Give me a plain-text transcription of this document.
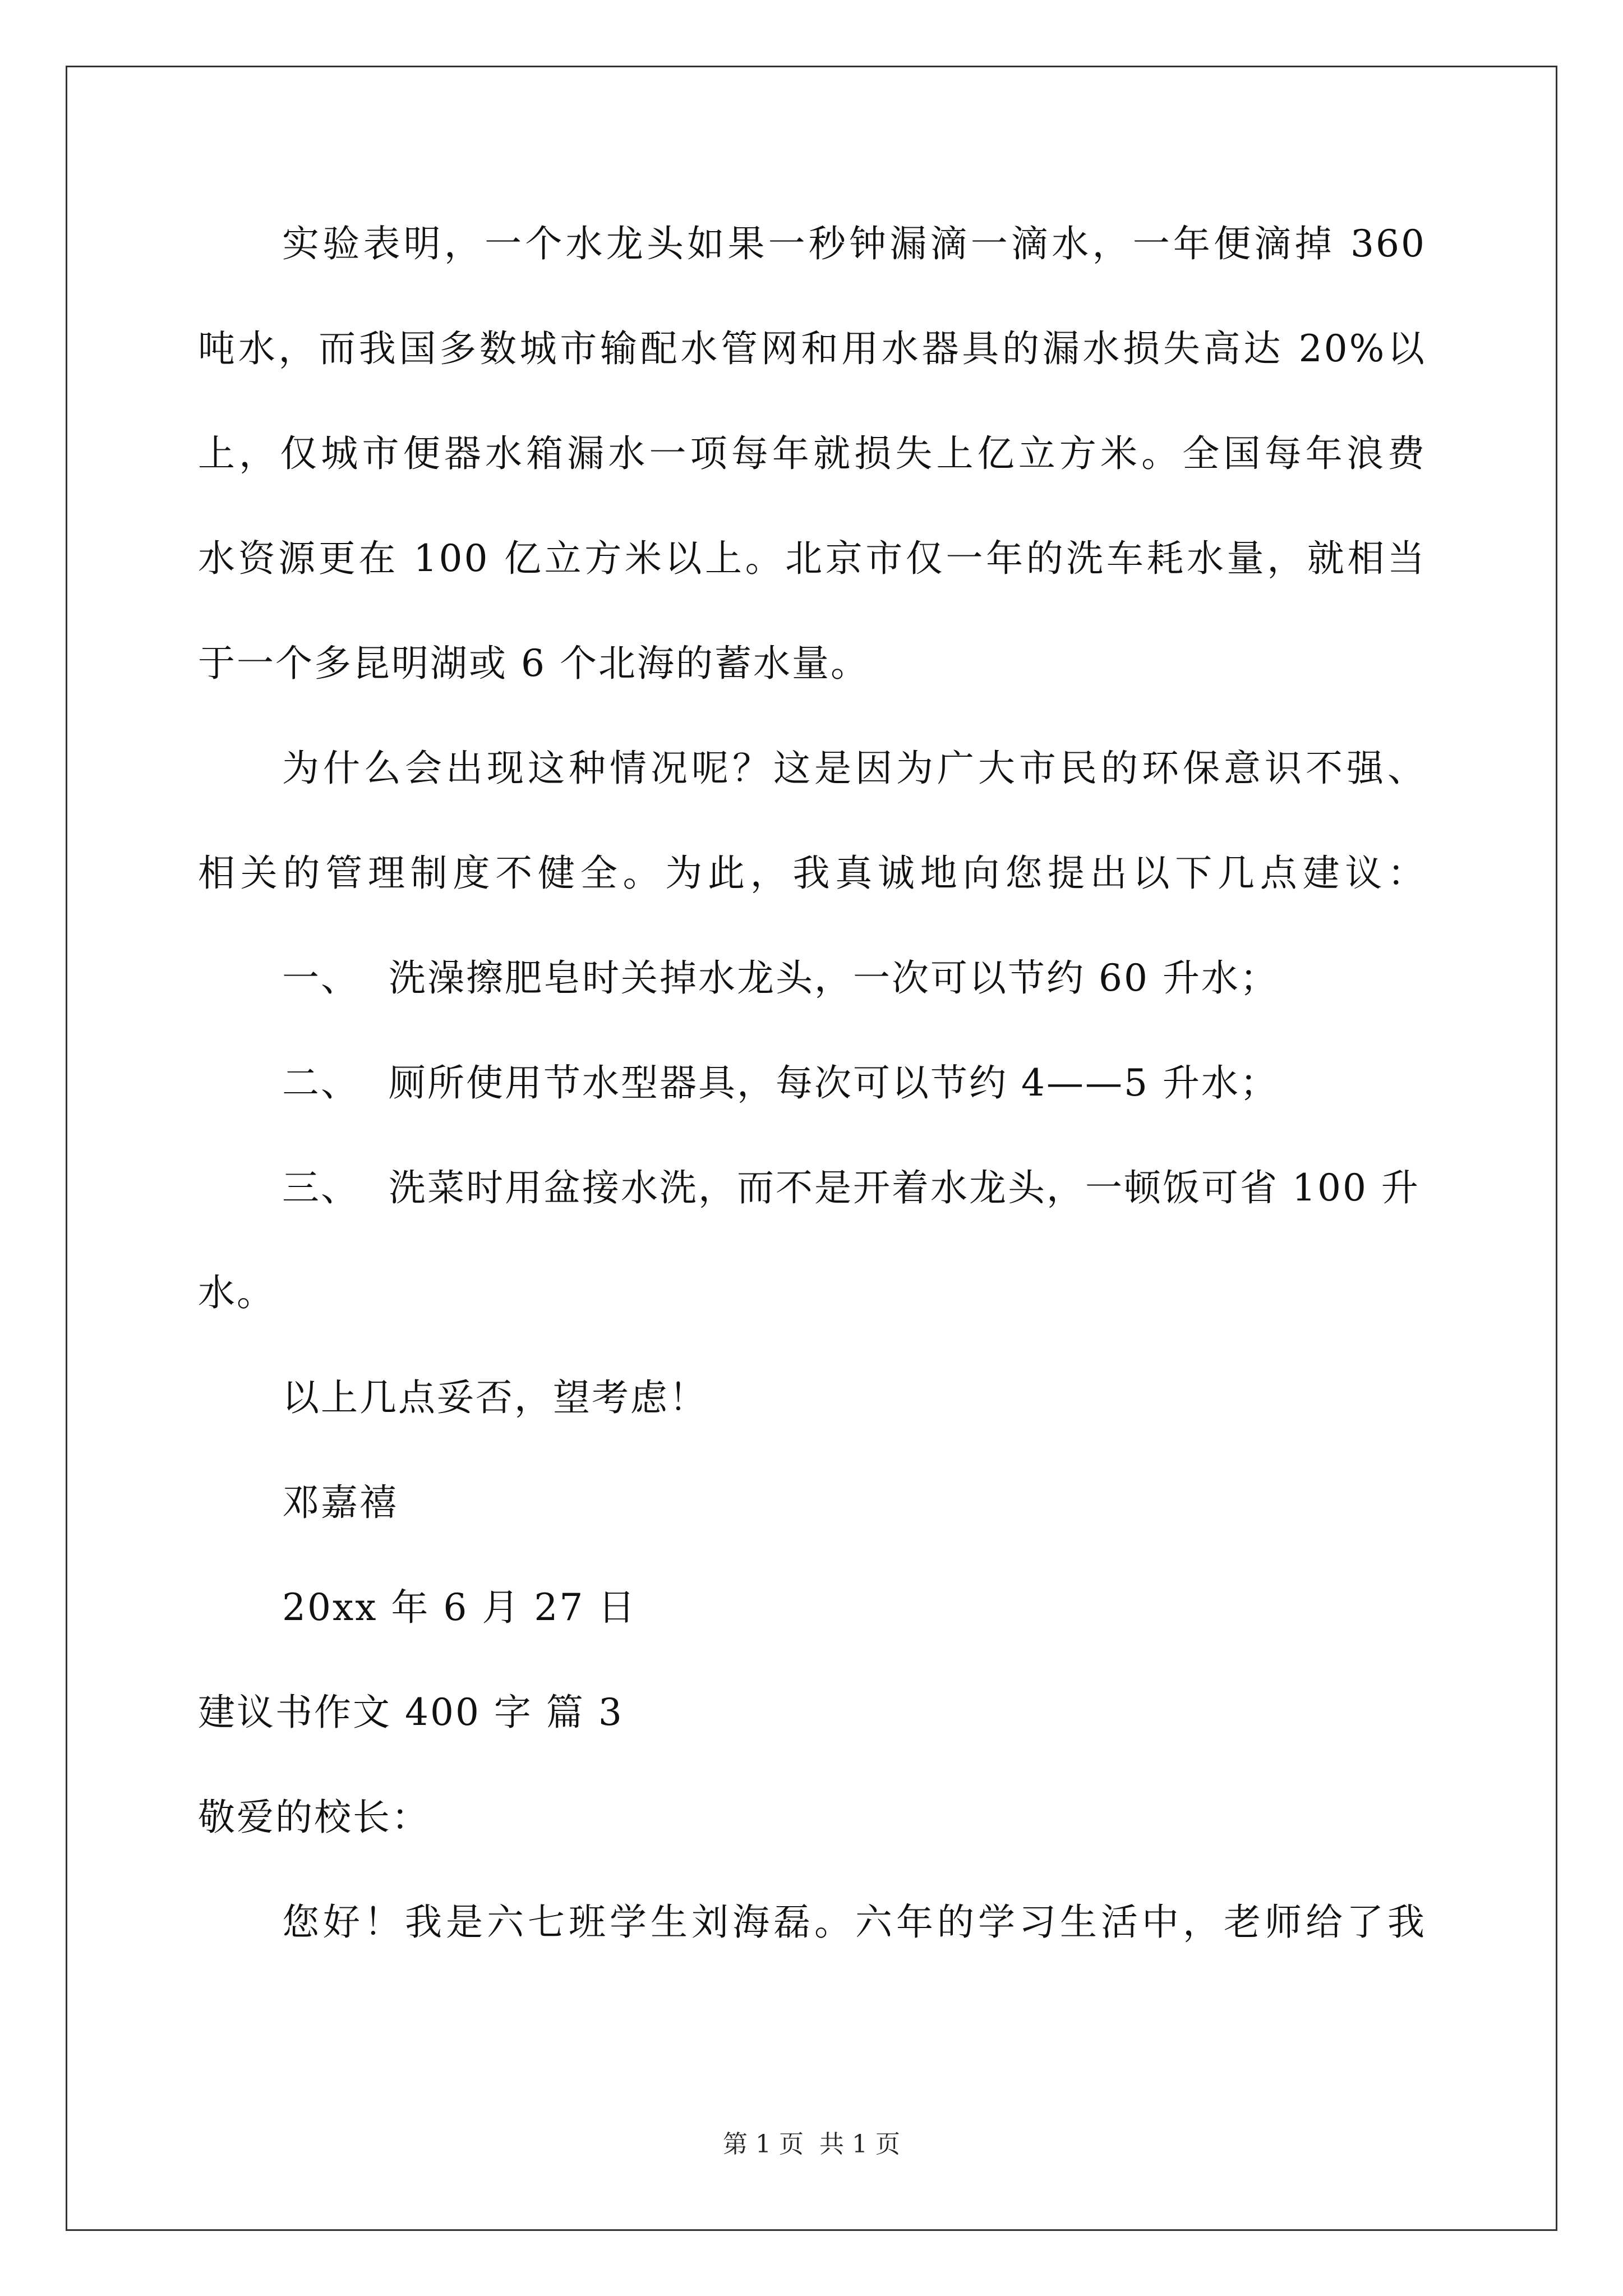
实验表明，一个水龙头如果一秒钟漏滴一滴水，一年便滴掉 360
吨水，而我国多数城市输配水管网和用水器具的漏水损失高达 20%以
上，仅城市便器水箱漏水一项每年就损失上亿立方米。全国每年浪费
水资源更在 100 亿立方米以上。北京市仅一年的洗车耗水量，就相当
于一个多昆明湖或 6 个北海的蓄水量。
为什么会出现这种情况呢？这是因为广大市民的环保意识不强、
相关的管理制度不健全。为此，我真诚地向您提出以下几点建议：
一、 洗澡擦肥皂时关掉水龙头，一次可以节约 60 升水；
二、 厕所使用节水型器具，每次可以节约 4——5 升水；
三、 洗菜时用盆接水洗，而不是开着水龙头，一顿饭可省 100 升
水。
以上几点妥否，望考虑！
邓嘉禧
20xx 年 6 月 27 日
建议书作文 400 字 篇 3
敬爱的校长：
您好！我是六七班学生刘海磊。六年的学习生活中，老师给了我
第 1 页 共 1 页
